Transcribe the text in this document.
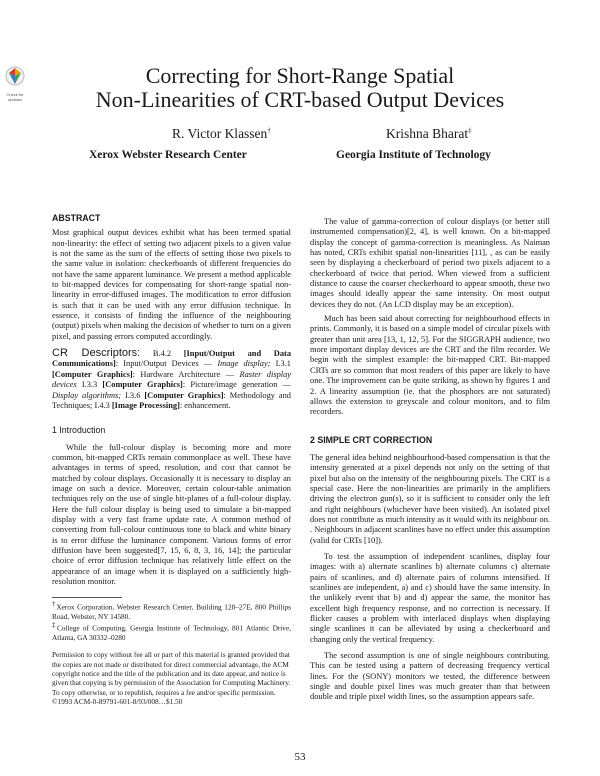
Check for
updates
Correcting for Short-Range Spatial
Non-Linearities of CRT-based Output Devices
R. Victor Klassen†	Krishna Bharat‡
Xerox Webster Research Center	Georgia Institute of Technology
ABSTRACT

Most graphical output devices exhibit what has been termed spatial non-linearity: the effect of setting two adjacent pixels to a given value is not the same as the sum of the effects of setting those two pixels to the same value in isolation: checkerboards of different frequencies do not have the same apparent luminance. We present a method applicable to bit-mapped devices for compensating for short-range spatial non-linearity in error-diffused images. The modification to error diffusion is such that it can be used with any error diffusion technique. In essence, it consists of finding the influence of the neighbouring (output) pixels when making the decision of whether to turn on a given pixel, and passing errors computed accordingly.

CR Descriptors: B.4.2 [Input/Output and Data Communications]: Input/Output Devices — Image display; I.3.1 [Computer Graphics]: Hardware Architecture — Raster display devices I.3.3 [Computer Graphics]: Picture/image generation — Display algorithms; I.3.6 [Computer Graphics]: Methodology and Techniques; I.4.3 [Image Processing]: enhancement.

1 Introduction

While the full-colour display is becoming more and more common, bit-mapped CRTs remain commonplace as well. These have advantages in terms of speed, resolution, and cost that cannot be matched by colour displays. Occasionally it is necessary to display an image on such a device. Moreover, certain colour-table animation techniques rely on the use of single bit-planes of a full-colour display. Here the full colour display is being used to simulate a bit-mapped display with a very fast frame update rate. A common method of converting from full-colour continuous tone to black and white binary is to error diffuse the luminance component. Various forms of error diffusion have been suggested[7, 15, 6, 8, 3, 16, 14]; the particular choice of error diffusion technique has relatively little effect on the appearance of an image when it is displayed on a sufficiently high-resolution monitor.

†Xerox Corporation, Webster Research Center, Building 128–27E, 800 Phillips Road, Webster, NY 14580.

‡College of Computing, Georgia Institute of Technology, 801 Atlantic Drive, Atlanta, GA 30332–0280

Permission to copy without fee all or part of this material is granted provided that the copies are not made or distributed for direct commercial advantage, the ACM copyright notice and the title of the publication and its date appear, and notice is given that copying is by permission of the Association for Computing Machinery. To copy otherwise, or to republish, requires a fee and/or specific permission.

©1993 ACM-0-89791-601-8/93/008…$1.50

The value of gamma-correction of colour displays (or better still instrumented compensation)[2, 4], is well known. On a bit-mapped display the concept of gamma-correction is meaningless. As Naiman has noted, CRTs exhibit spatial non-linearities [11], , as can be easily seen by displaying a checkerboard of period two pixels adjacent to a checkerboard of twice that period. When viewed from a sufficient distance to cause the coarser checkerboard to appear smooth, these two images should ideally appear the same intensity. On most output devices they do not. (An LCD display may be an exception).

Much has been said about correcting for neighbourhood effects in prints. Commonly, it is based on a simple model of circular pixels with greater than unit area [13, 1, 12, 5]. For the SIGGRAPH audience, two more important display devices are the CRT and the film recorder. We begin with the simplest example: the bit-mapped CRT. Bit-mapped CRTs are so common that most readers of this paper are likely to have one. The improvement can be quite striking, as shown by figures 1 and 2. A linearity assumption (ie. that the phosphors are not saturated) allows the extension to greyscale and colour monitors, and to film recorders.

2 SIMPLE CRT CORRECTION

The general idea behind neighbourhood-based compensation is that the intensity generated at a pixel depends not only on the setting of that pixel but also on the intensity of the neighbouring pixels. The CRT is a special case. Here the non-linearities are primarily in the amplifiers driving the electron gun(s), so it is sufficient to consider only the left and right neighbours (whichever have been visited). An isolated pixel does not contribute as much intensity as it would with its neighbour on. . Neighbours in adjacent scanlines have no effect under this assumption (valid for CRTs [10]).

To test the assumption of independent scanlines, display four images: with a) alternate scanlines b) alternate columns c) alternate pairs of scanlines, and d) alternate pairs of columns intensified. If scanlines are independent, a) and c) should have the same intensity. In the unlikely event that b) and d) appear the same, the monitor has excellent high frequency response, and no correction is necessary. If flicker causes a problem with interlaced displays when displaying single scanlines it can be alleviated by using a checkerboard and changing only the vertical frequency.

The second assumption is one of single neighbours contributing. This can be tested using a pattern of decreasing frequency vertical lines. For the (SONY) monitors we tested, the difference between single and double pixel lines was much greater than that between double and triple pixel width lines, so the assumption appears safe.

53
